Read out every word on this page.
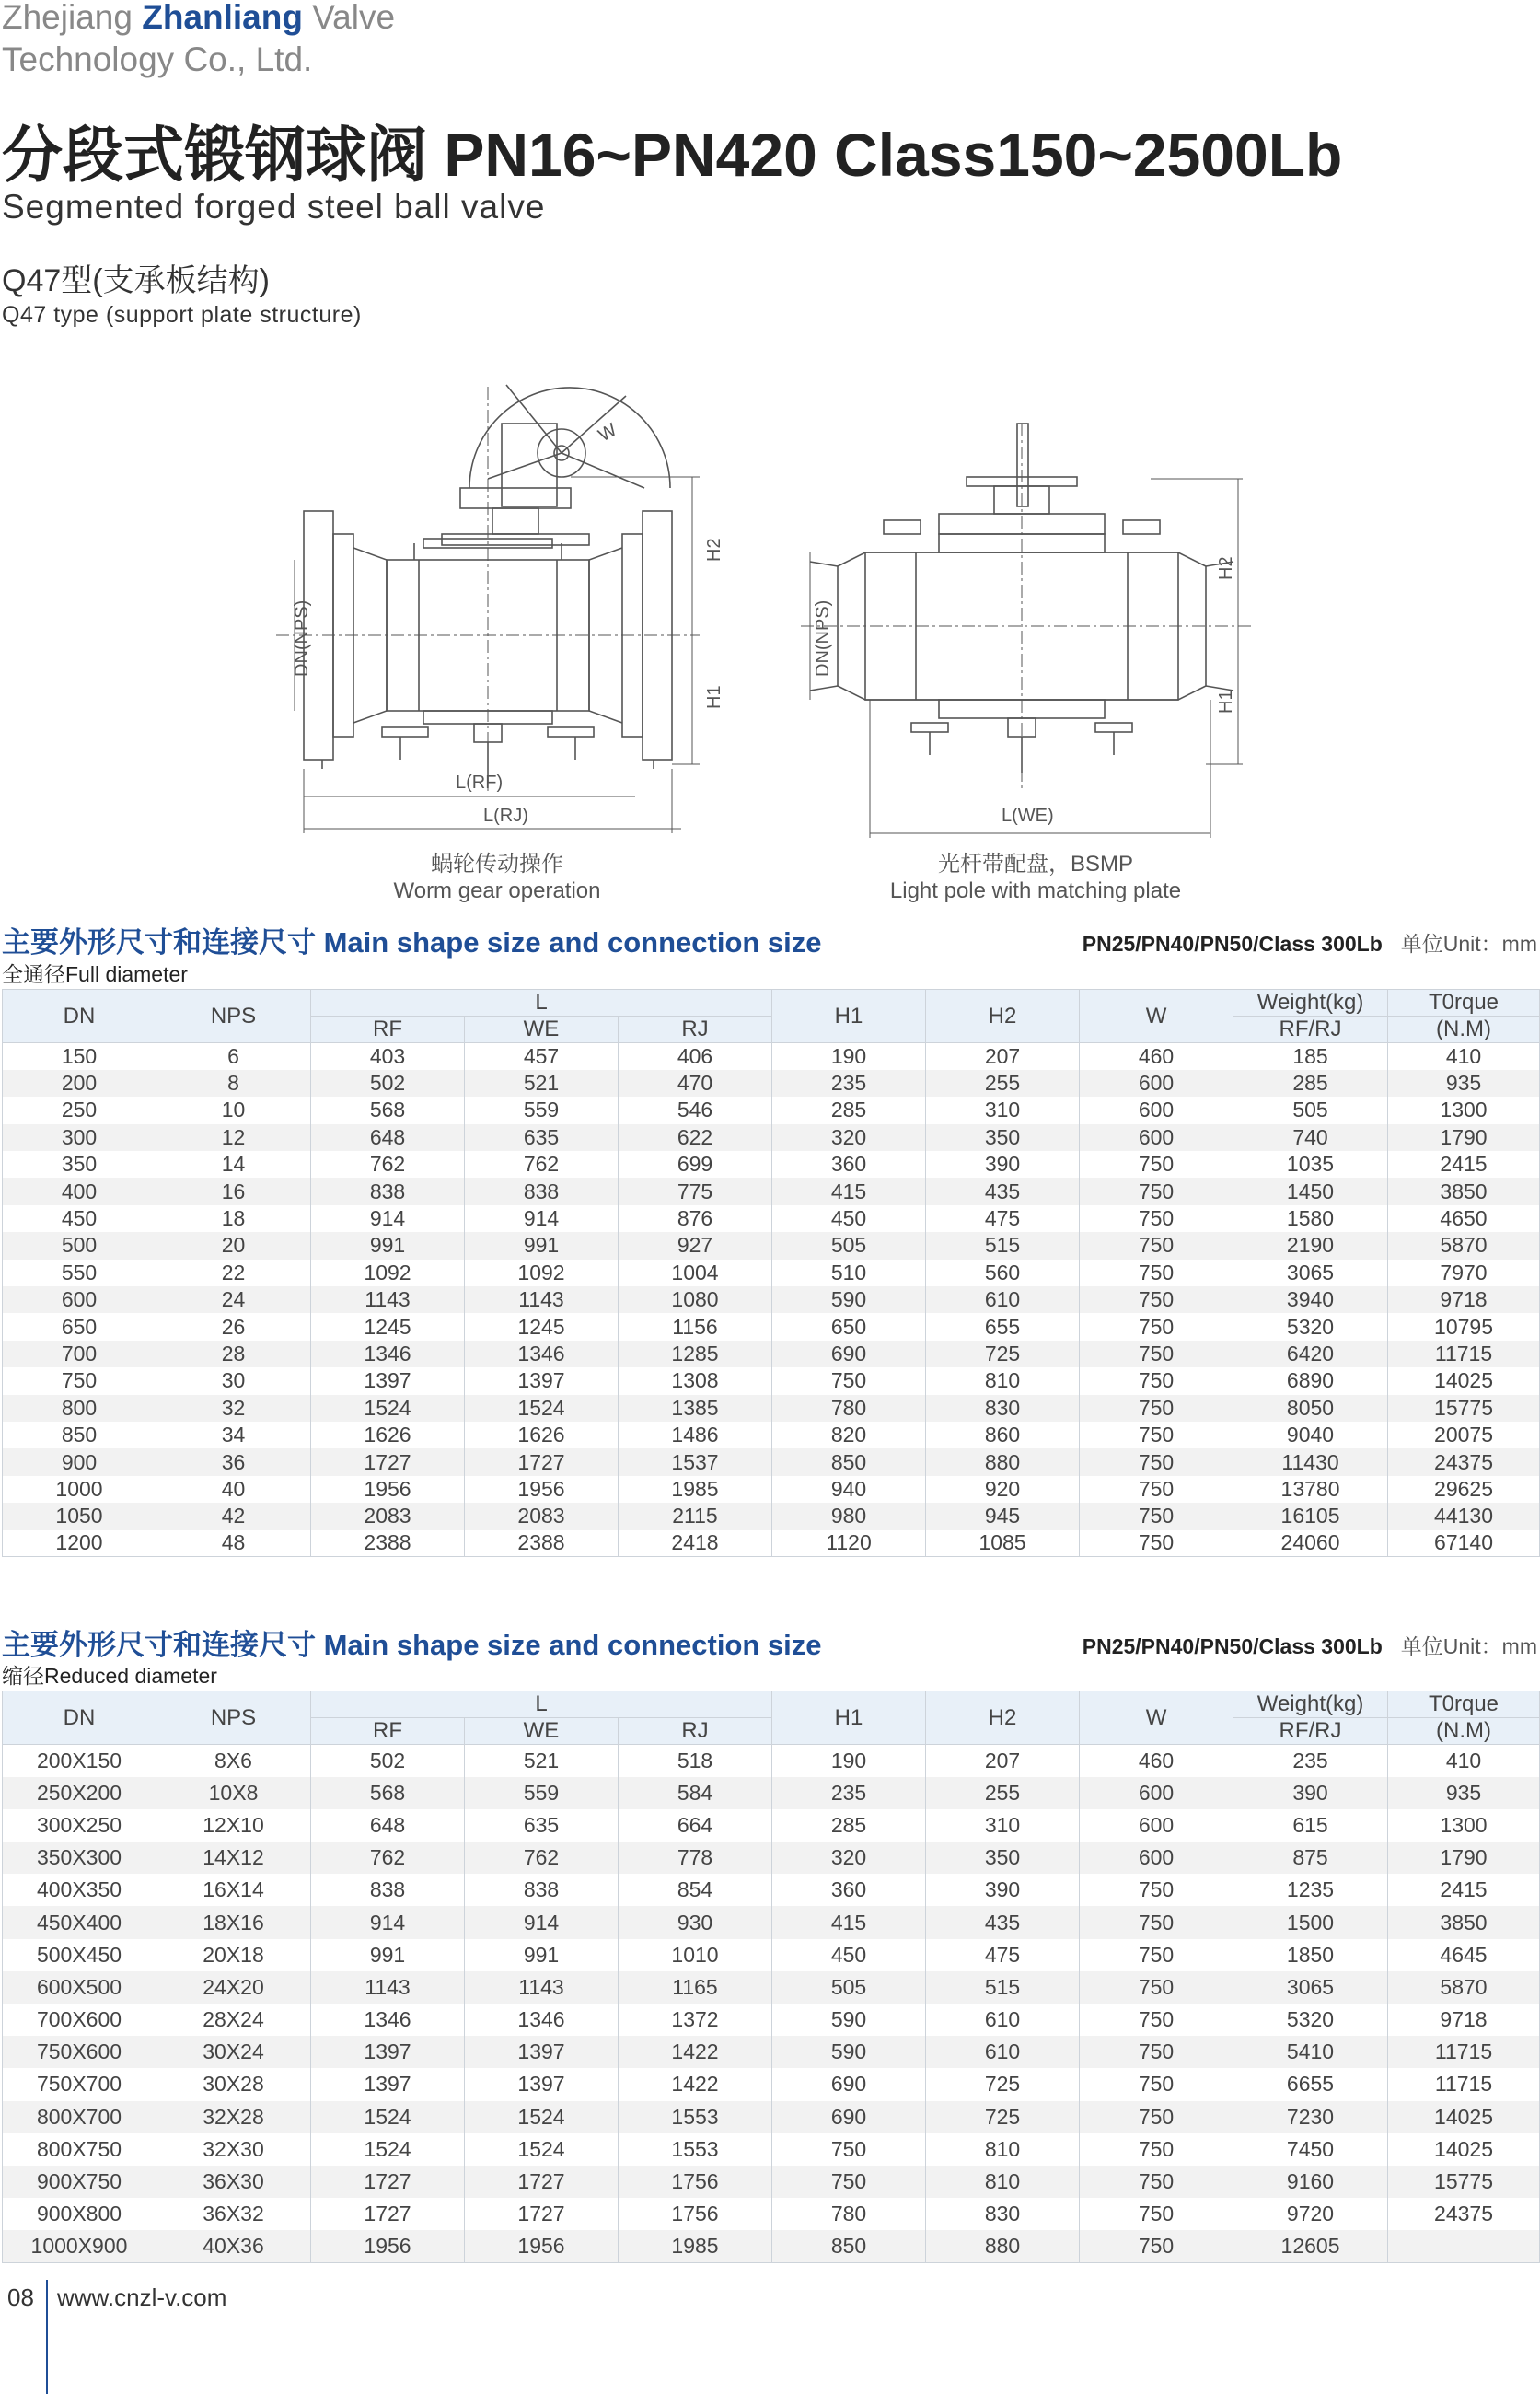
Zhejiang Zhanliang Valve
Technology Co., Ltd.
分段式锻钢球阀 PN16~PN420 Class150~2500Lb
Segmented forged steel ball valve
Q47型(支承板结构)
Q47 type (support plate structure)
W
DN(NPS)
H2
H1
L(RF)
L(RJ)
蜗轮传动操作
Worm gear operation
DN(NPS)
H2
H1
L(WE)
光杆带配盘，BSMP
Light pole with matching plate
主要外形尺寸和连接尺寸 Main shape size and connection size
全通径Full diameter
PN25/PN40/PN50/Class 300Lb 单位Unit：mm
DN	NPS	L			H1	H2	W	Weight(kg)	T0rque
		RF	WE	RJ				RF/RJ	(N.M)
150	6	403	457	406	190	207	460	185	410
200	8	502	521	470	235	255	600	285	935
250	10	568	559	546	285	310	600	505	1300
300	12	648	635	622	320	350	600	740	1790
350	14	762	762	699	360	390	750	1035	2415
400	16	838	838	775	415	435	750	1450	3850
450	18	914	914	876	450	475	750	1580	4650
500	20	991	991	927	505	515	750	2190	5870
550	22	1092	1092	1004	510	560	750	3065	7970
600	24	1143	1143	1080	590	610	750	3940	9718
650	26	1245	1245	1156	650	655	750	5320	10795
700	28	1346	1346	1285	690	725	750	6420	11715
750	30	1397	1397	1308	750	810	750	6890	14025
800	32	1524	1524	1385	780	830	750	8050	15775
850	34	1626	1626	1486	820	860	750	9040	20075
900	36	1727	1727	1537	850	880	750	11430	24375
1000	40	1956	1956	1985	940	920	750	13780	29625
1050	42	2083	2083	2115	980	945	750	16105	44130
1200	48	2388	2388	2418	1120	1085	750	24060	67140
主要外形尺寸和连接尺寸 Main shape size and connection size
缩径Reduced diameter
PN25/PN40/PN50/Class 300Lb 单位Unit：mm
DN	NPS	L			H1	H2	W	Weight(kg)	T0rque
		RF	WE	RJ				RF/RJ	(N.M)
200X150	8X6	502	521	518	190	207	460	235	410
250X200	10X8	568	559	584	235	255	600	390	935
300X250	12X10	648	635	664	285	310	600	615	1300
350X300	14X12	762	762	778	320	350	600	875	1790
400X350	16X14	838	838	854	360	390	750	1235	2415
450X400	18X16	914	914	930	415	435	750	1500	3850
500X450	20X18	991	991	1010	450	475	750	1850	4645
600X500	24X20	1143	1143	1165	505	515	750	3065	5870
700X600	28X24	1346	1346	1372	590	610	750	5320	9718
750X600	30X24	1397	1397	1422	590	610	750	5410	11715
750X700	30X28	1397	1397	1422	690	725	750	6655	11715
800X700	32X28	1524	1524	1553	690	725	750	7230	14025
800X750	32X30	1524	1524	1553	750	810	750	7450	14025
900X750	36X30	1727	1727	1756	750	810	750	9160	15775
900X800	36X32	1727	1727	1756	780	830	750	9720	24375
1000X900	40X36	1956	1956	1985	850	880	750	12605	
08 www.cnzl-v.com
